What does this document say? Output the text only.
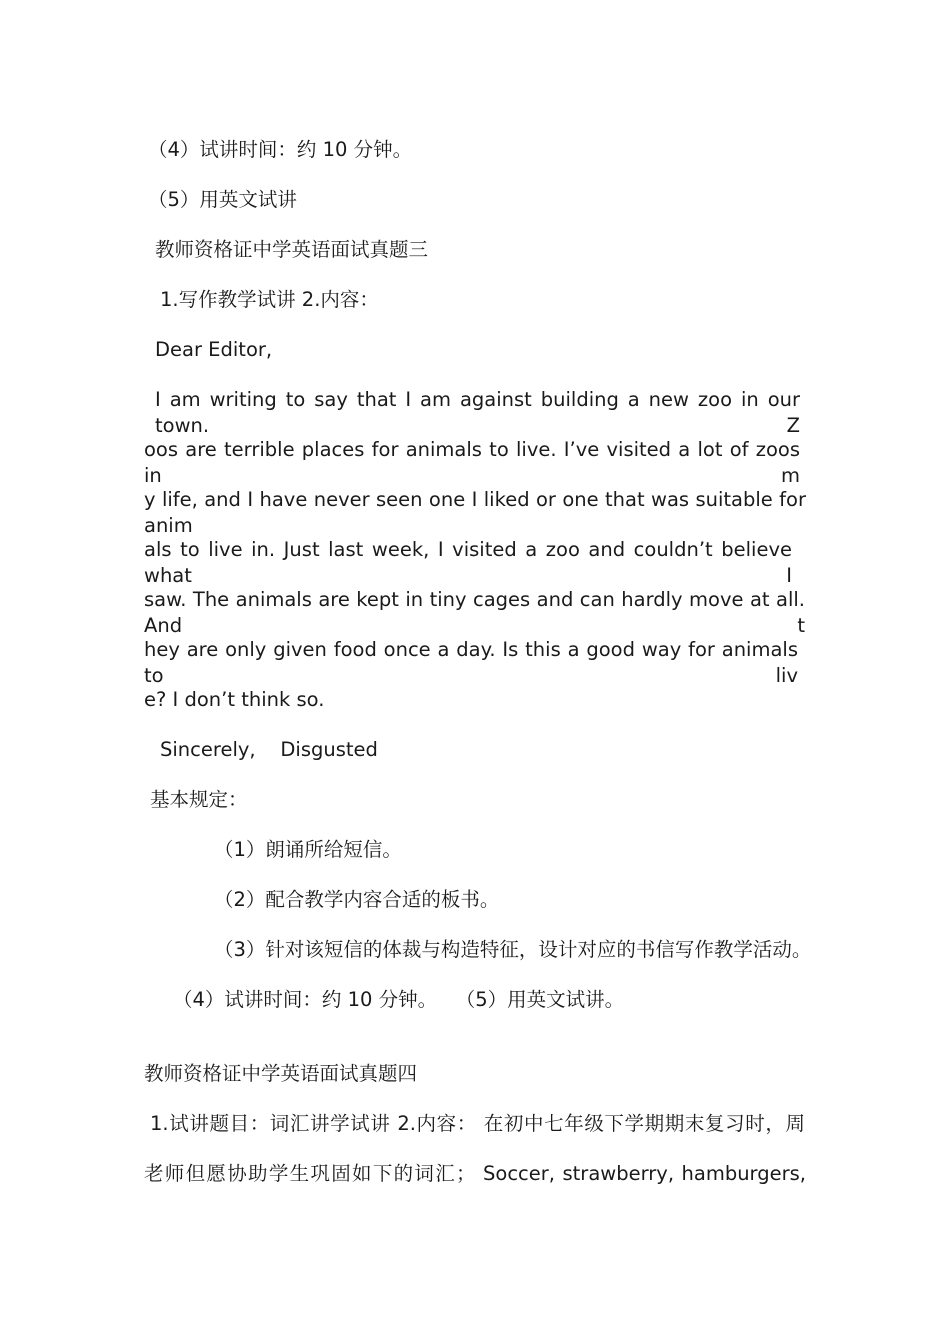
（4）试讲时间：约 10 分钟。
（5）用英文试讲
教师资格证中学英语面试真题三
1.写作教学试讲 2.内容：
Dear Editor,
I am writing to say that I am against building a new zoo in our town. Z
oos are terrible places for animals to live. I’ve visited a lot of zoos in m
y life, and I have never seen one I liked or one that was suitable for anim
als to live in. Just last week, I visited a zoo and couldn’t believe what I
saw. The animals are kept in tiny cages and can hardly move at all. And t
hey are only given food once a day. Is this a good way for animals to liv
e? I don’t think so.
Sincerely,    Disgusted
基本规定：
（1）朗诵所给短信。
（2）配合教学内容合适的板书。
（3）针对该短信的体裁与构造特征，设计对应的书信写作教学活动。
（4）试讲时间：约 10 分钟。   （5）用英文试讲。
教师资格证中学英语面试真题四
1.试讲题目：词汇讲学试讲 2.内容： 在初中七年级下学期期末复习时，周
老师但愿协助学生巩固如下的词汇； Soccer, strawberry, hamburgers,
